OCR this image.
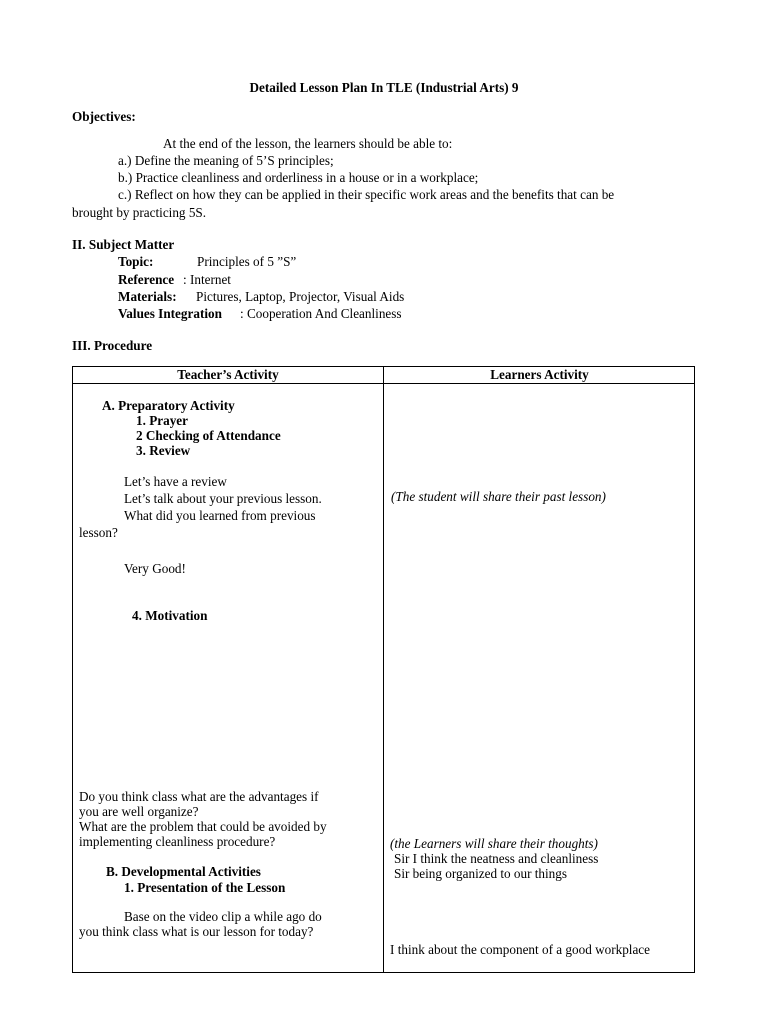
Detailed Lesson Plan In TLE (Industrial Arts) 9
Objectives:
At the end of the lesson, the learners should be able to:
a.) Define the meaning of 5’S principles;
b.) Practice cleanliness and orderliness in a house or in a workplace;
c.) Reflect on how they can be applied in their specific work areas and the benefits that can be
brought by practicing 5S.
II. Subject Matter
Topic:	Principles of 5 ”S”
Reference : Internet
Materials: Pictures, Laptop, Projector, Visual Aids
Values Integration : Cooperation And Cleanliness
III. Procedure
Teacher’s Activity	Learners Activity
A. Preparatory Activity
1. Prayer
2 Checking of Attendance
3. Review
Let’s have a review
Let’s talk about your previous lesson.
What did you learned from previous
lesson?
Very Good!
4. Motivation
Do you think class what are the advantages if
you are well organize?
What are the problem that could be avoided by
implementing cleanliness procedure?
B. Developmental Activities
1. Presentation of the Lesson
Base on the video clip a while ago do
you think class what is our lesson for today?
(The student will share their past lesson)
(the Learners will share their thoughts)
Sir I think the neatness and cleanliness
Sir being organized to our things
I think about the component of a good workplace
